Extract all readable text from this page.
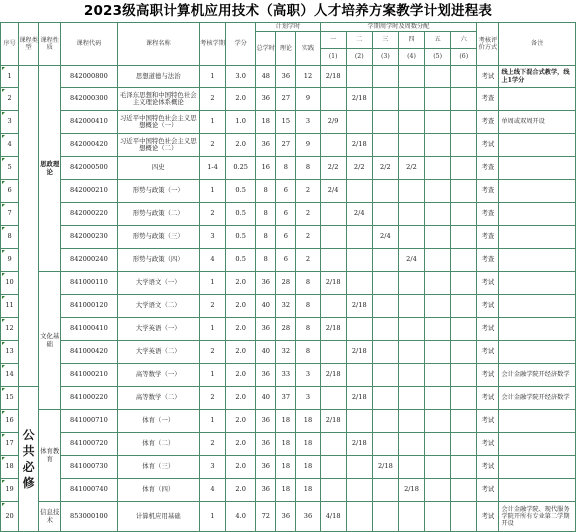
2023级高职计算机应用技术（高职）人才培养方案教学计划进程表
序号	课程类型	课程性质	课程代码	课程名称	考核学期	学分	计划学时			学期周学时及周数分配						考核评价方式	备注
							总学时	理论	实践	一	二	三	四	五	六		
										(1)	(2)	(3)	(4)	(5)	(6)		
1		思政理论	842000800	思想道德与法治	1	3.0	48	36	12	2/18						考试	线上线下混合式教学，线上1学分
2			842000300	毛泽东思想和中国特色社会主义理论体系概论	2	2.0	36	27	9		2/18					考查	
3			842000410	习近平中国特色社会主义思想概论（一）	1	1.0	18	15	3	2/9						考查	单周或双周开设
4			842000420	习近平中国特色社会主义思想概论（二）	2	2.0	36	27	9		2/18					考试	
5			842000500	四史	1-4	0.25	16	8	8	2/2	2/2	2/2	2/2			考查	
6			842000210	形势与政策（一）	1	0.5	8	6	2	2/4						考查	
7			842000220	形势与政策（二）	2	0.5	8	6	2		2/4					考查	
8			842000230	形势与政策（三）	3	0.5	8	6	2			2/4				考查	
9			842000240	形势与政策（四）	4	0.5	8	6	2				2/4			考查	
10		文化基础	841000110	大学语文（一）	1	2.0	36	28	8	2/18						考试	
11			841000120	大学语文（二）	2	2.0	40	32	8		2/18					考试	
12			841000410	大学英语（一）	1	2.0	36	28	8	2/18						考试	
13			841000420	大学英语（二）	2	2.0	40	32	8		2/18					考试	
14			841000210	高等数学（一）	1	2.0	36	33	3	2/18						考试	会计金融学院开经济数学
15	公共必修		841000220	高等数学（二）	2	2.0	40	37	3		2/18					考试	会计金融学院开经济数学
16		体育教育	841000710	体育（一）	1	2.0	36	18	18	2/18						考试	
17			841000720	体育（二）	2	2.0	36	18	18		2/18					考试	
18			841000730	体育（三）	3	2.0	36	18	18			2/18				考试	
19			841000740	体育（四）	4	2.0	36	18	18				2/18			考试	
20		信息技术	853000100	计算机应用基础	1	4.0	72	36	36	4/18						考试	会计金融学院、现代服务学院开所有专业第二学期开设
